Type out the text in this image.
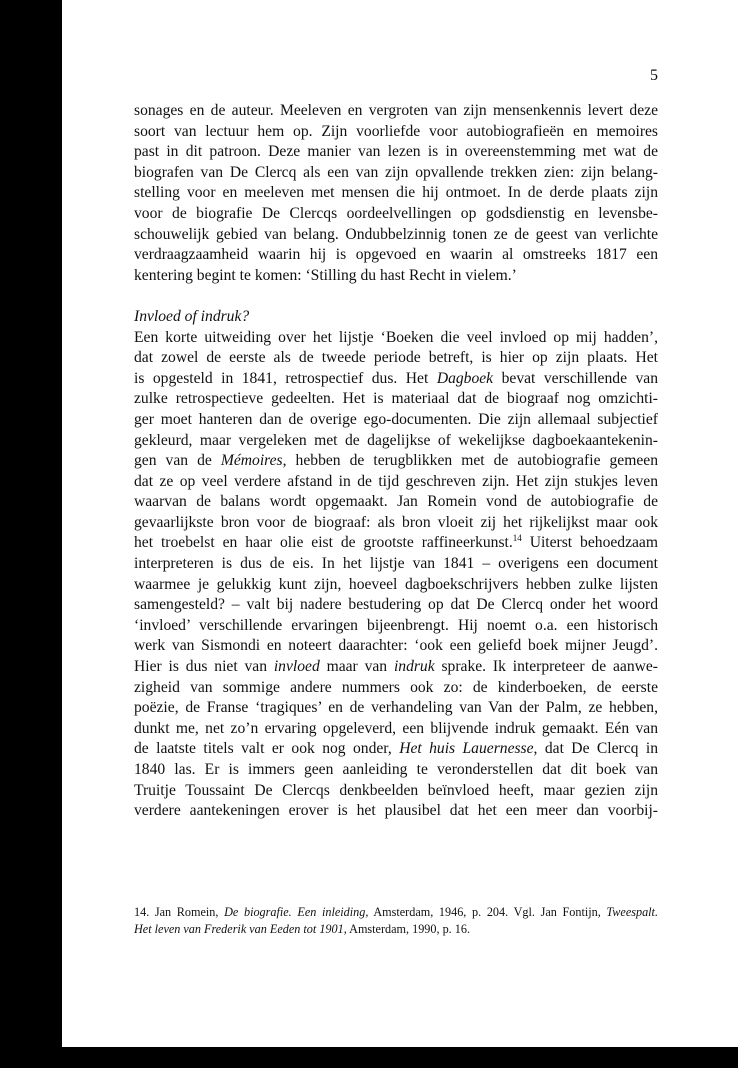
5
sonages en de auteur. Meeleven en vergroten van zijn mensenkennis levert deze
soort van lectuur hem op. Zijn voorliefde voor autobiografieën en memoires
past in dit patroon. Deze manier van lezen is in overeenstemming met wat de
biografen van De Clercq als een van zijn opvallende trekken zien: zijn belang-
stelling voor en meeleven met mensen die hij ontmoet. In de derde plaats zijn
voor de biografie De Clercqs oordeelvellingen op godsdienstig en levensbe-
schouwelijk gebied van belang. Ondubbelzinnig tonen ze de geest van verlichte
verdraagzaamheid waarin hij is opgevoed en waarin al omstreeks 1817 een
kentering begint te komen: ‘Stilling du hast Recht in vielem.’
Invloed of indruk?
Een korte uitweiding over het lijstje ‘Boeken die veel invloed op mij hadden’,
dat zowel de eerste als de tweede periode betreft, is hier op zijn plaats. Het
is opgesteld in 1841, retrospectief dus. Het Dagboek bevat verschillende van
zulke retrospectieve gedeelten. Het is materiaal dat de biograaf nog omzichti-
ger moet hanteren dan de overige ego-documenten. Die zijn allemaal subjectief
gekleurd, maar vergeleken met de dagelijkse of wekelijkse dagboekaantekenin-
gen van de Mémoires, hebben de terugblikken met de autobiografie gemeen
dat ze op veel verdere afstand in de tijd geschreven zijn. Het zijn stukjes leven
waarvan de balans wordt opgemaakt. Jan Romein vond de autobiografie de
gevaarlijkste bron voor de biograaf: als bron vloeit zij het rijkelijkst maar ook
het troebelst en haar olie eist de grootste raffineerkunst.$^{14}$ Uiterst behoedzaam
interpreteren is dus de eis. In het lijstje van 1841 – overigens een document
waarmee je gelukkig kunt zijn, hoeveel dagboekschrijvers hebben zulke lijsten
samengesteld? – valt bij nadere bestudering op dat De Clercq onder het woord
‘invloed’ verschillende ervaringen bijeenbrengt. Hij noemt o.a. een historisch
werk van Sismondi en noteert daarachter: ‘ook een geliefd boek mijner Jeugd’.
Hier is dus niet van invloed maar van indruk sprake. Ik interpreteer de aanwe-
zigheid van sommige andere nummers ook zo: de kinderboeken, de eerste
poëzie, de Franse ‘tragiques’ en de verhandeling van Van der Palm, ze hebben,
dunkt me, net zo’n ervaring opgeleverd, een blijvende indruk gemaakt. Eén van
de laatste titels valt er ook nog onder, Het huis Lauernesse, dat De Clercq in
1840 las. Er is immers geen aanleiding te veronderstellen dat dit boek van
Truitje Toussaint De Clercqs denkbeelden beïnvloed heeft, maar gezien zijn
verdere aantekeningen erover is het plausibel dat het een meer dan voorbij-
14. Jan Romein, De biografie. Een inleiding, Amsterdam, 1946, p. 204. Vgl. Jan Fontijn, Tweespalt.
Het leven van Frederik van Eeden tot 1901, Amsterdam, 1990, p. 16.
